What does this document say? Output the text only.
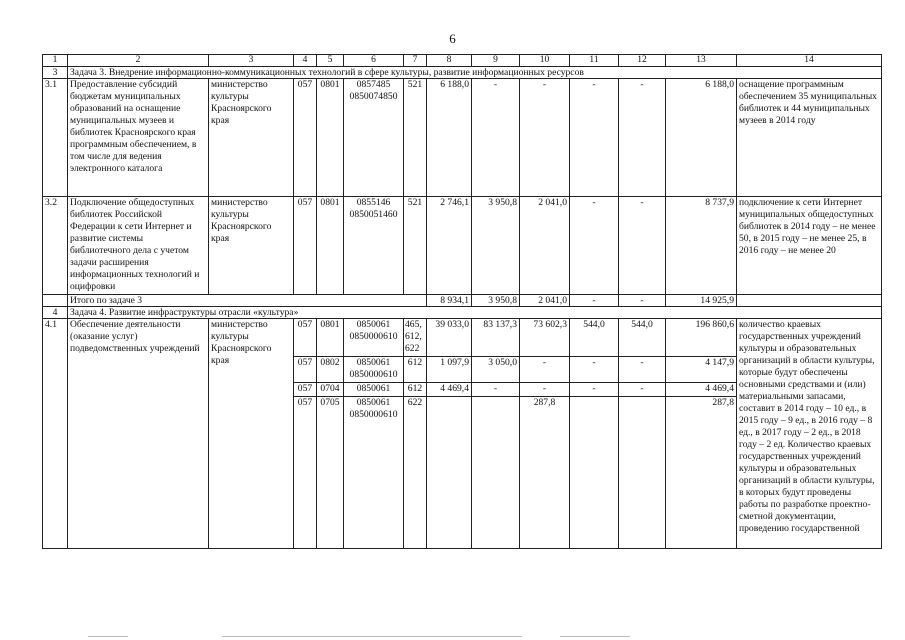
6
1	2	3	4	5	6	7	8	9	10	11	12	13	14
3	Задача 3. Внедрение информационно-коммуникационных технологий в сфере культуры, развитие информационных ресурсов												
3.1	Предоставление субсидий бюджетам муниципальных образований на оснащение муниципальных музеев и библиотек Красноярского края программным обеспечением, в том числе для ведения электронного каталога	министерство культуры Красноярского края	057	0801	0857485 0850074850	521	6 188,0	-	-	-	-	6 188,0	оснащение программным обеспечением 35 муниципальных библиотек и 44 муниципальных музеев в 2014 году
3.2	Подключение общедоступных библиотек Российской Федерации к сети Интернет и развитие системы библиотечного дела с учетом задачи расширения информационных технологий и оцифровки	министерство культуры Красноярского края	057	0801	0855146 0850051460	521	2 746,1	3 950,8	2 041,0	-	-	8 737,9	подключение к сети Интернет муниципальных общедоступных библиотек в 2014 году – не менее 50, в 2015 году – не менее 25, в 2016 году – не менее 20
	Итого по задаче 3						8 934,1	3 950,8	2 041,0	-	-	14 925,9	
4	Задача 4. Развитие инфраструктуры отрасли «культура»												
4.1	Обеспечение деятельности (оказание услуг) подведомственных учреждений	министерство культуры Красноярского края	057	0801	0850061 0850000610	465, 612, 622	39 033,0	83 137,3	73 602,3	544,0	544,0	196 860,6	количество краевых государственных учреждений культуры и образовательных организаций в области культуры, которые будут обеспечены основными средствами и (или) материальными запасами, составит в 2014 году – 10 ед., в 2015 году – 9 ед., в 2016 году – 8 ед., в 2017 году – 2 ед., в 2018 году – 2 ед. Количество краевых государственных учреждений культуры и образовательных организаций в области культуры, в которых будут проведены работы по разработке проектно-сметной документации, проведению государственной
			057	0802	0850061 0850000610	612	1 097,9	3 050,0	-	-	-	4 147,9	
			057	0704	0850061	612	4 469,4	-	-	-	-	4 469,4	
			057	0705	0850061 0850000610	622			287,8			287,8	
